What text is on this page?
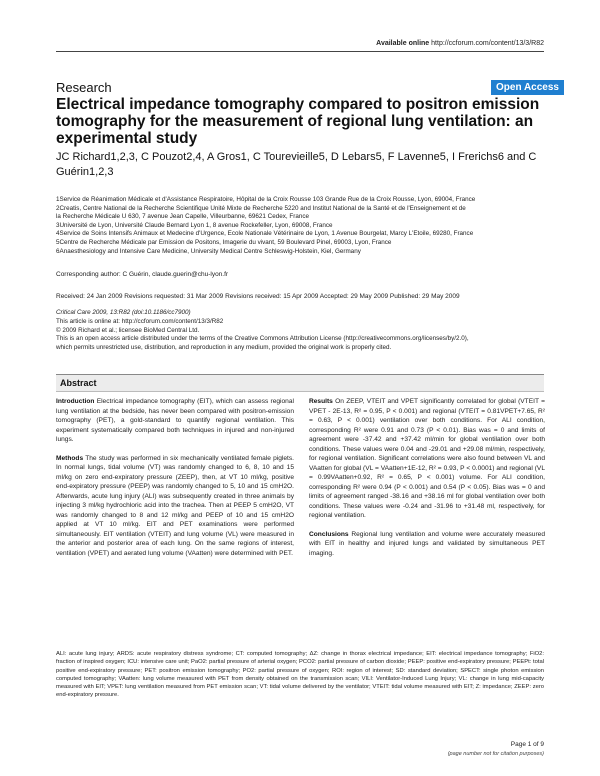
Available online http://ccforum.com/content/13/3/R82
Research	Open Access
Electrical impedance tomography compared to positron emission tomography for the measurement of regional lung ventilation: an experimental study
JC Richard1,2,3, C Pouzot2,4, A Gros1, C Tourevieille5, D Lebars5, F Lavenne5, I Frerichs6 and C Guérin1,2,3
1Service de Réanimation Médicale et d'Assistance Respiratoire, Hôpital de la Croix Rousse 103 Grande Rue de la Croix Rousse, Lyon, 69004, France
2Creatis, Centre National de la Recherche Scientifique Unité Mixte de Recherche 5220 and Institut National de la Santé et de l'Enseignement et de
la Recherche Médicale U 630, 7 avenue Jean Capelle, Villeurbanne, 69621 Cedex, France
3Université de Lyon, Université Claude Bernard Lyon 1, 8 avenue Rockefeller, Lyon, 69008, France
4Service de Soins Intensifs Animaux et Medecine d'Urgence, Ecole Nationale Vétérinaire de Lyon, 1 Avenue Bourgelat, Marcy L'Etoile, 69280, France
5Centre de Recherche Médicale par Emission de Positons, Imagerie du vivant, 59 Boulevard Pinel, 69003, Lyon, France
6Anaesthesiology and Intensive Care Medicine, University Medical Centre Schleswig-Holstein, Kiel, Germany
Corresponding author: C Guérin, claude.guerin@chu-lyon.fr
Received: 24 Jan 2009 Revisions requested: 31 Mar 2009 Revisions received: 15 Apr 2009 Accepted: 29 May 2009 Published: 29 May 2009
Critical Care 2009, 13:R82 (doi:10.1186/cc7900)
This article is online at: http://ccforum.com/content/13/3/R82
© 2009 Richard et al.; licensee BioMed Central Ltd.
This is an open access article distributed under the terms of the Creative Commons Attribution License (http://creativecommons.org/licenses/by/2.0),
which permits unrestricted use, distribution, and reproduction in any medium, provided the original work is properly cited.
Abstract

Introduction Electrical impedance tomography (EIT), which can assess regional lung ventilation at the bedside, has never been compared with positron-emission tomography (PET), a gold-standard to quantify regional ventilation. This experiment systematically compared both techniques in injured and non-injured lungs.

Methods The study was performed in six mechanically ventilated female piglets. In normal lungs, tidal volume (VT) was randomly changed to 6, 8, 10 and 15 ml/kg on zero end-expiratory pressure (ZEEP), then, at VT 10 ml/kg, positive end-expiratory pressure (PEEP) was randomly changed to 5, 10 and 15 cmH2O. Afterwards, acute lung injury (ALI) was subsequently created in three animals by injecting 3 ml/kg hydrochloric acid into the trachea. Then at PEEP 5 cmH2O, VT was randomly changed to 8 and 12 ml/kg and PEEP of 10 and 15 cmH2O applied at VT 10 ml/kg. EIT and PET examinations were performed simultaneously. EIT ventilation (VTEIT) and lung volume (VL) were measured in the anterior and posterior area of each lung. On the same regions of interest, ventilation (VPET) and aerated lung volume (VAatten) were determined with PET.

Results On ZEEP, VTEIT and VPET significantly correlated for global (VTEIT = VPET - 2E-13, R² = 0.95, P < 0.001) and regional (VTEIT = 0.81VPET+7.65, R² = 0.63, P < 0.001) ventilation over both conditions. For ALI condition, corresponding R² were 0.91 and 0.73 (P < 0.01). Bias was = 0 and limits of agreement were -37.42 and +37.42 ml/min for global ventilation over both conditions. These values were 0.04 and -29.01 and +29.08 ml/min, respectively, for regional ventilation. Significant correlations were also found between VL and VAatten for global (VL = VAatten+1E-12, R² = 0.93, P < 0.0001) and regional (VL = 0.99VAatten+0.92, R² = 0.65, P < 0.001) volume. For ALI condition, corresponding R² were 0.94 (P < 0.001) and 0.54 (P < 0.05). Bias was = 0 and limits of agreement ranged -38.16 and +38.16 ml for global ventilation over both conditions. These values were -0.24 and -31.96 to +31.48 ml, respectively, for regional ventilation.

Conclusions Regional lung ventilation and volume were accurately measured with EIT in healthy and injured lungs and validated by simultaneous PET imaging.

ALI: acute lung injury; ARDS: acute respiratory distress syndrome; CT: computed tomography; ΔZ: change in thorax electrical impedance; EIT: electrical impedance tomography; FiO2: fraction of inspired oxygen; ICU: intensive care unit; PaO2: partial pressure of arterial oxygen; PCO2: partial pressure of carbon dioxide; PEEP: positive end-expiratory pressure; PEEPt: total positive end-expiratory pressure; PET: positron emission tomography; PO2: partial pressure of oxygen; ROI: region of interest; SD: standard deviation; SPECT: single photon emission computed tomography; VAatten: lung volume measured with PET from density obtained on the transmission scan; VILI: Ventilator-Induced Lung Injury; VL: change in lung mid-capacity measured with EIT; VPET: lung ventilation measured from PET emission scan; VT: tidal volume delivered by the ventilator; VTEIT: tidal volume measured with EIT; Z: impedance; ZEEP: zero end-expiratory pressure.
Page 1 of 9
(page number not for citation purposes)
